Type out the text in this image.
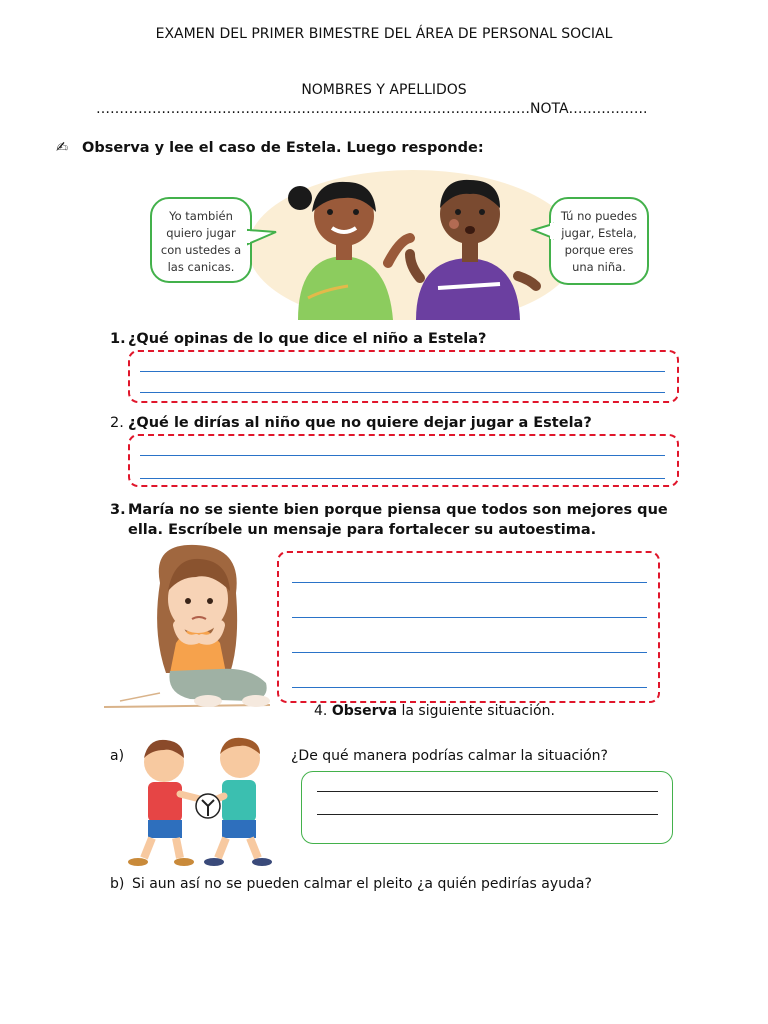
EXAMEN DEL PRIMER BIMESTRE DEL ÁREA DE PERSONAL SOCIAL
NOMBRES Y APELLIDOS
…………………………………………………………………………………NOTA……………..
✍ Observa y lee el caso de Estela. Luego responde:
Yo también
quiero jugar
con ustedes a
las canicas.
Tú no puedes
jugar, Estela,
porque eres
una niña.
1. ¿Qué opinas de lo que dice el niño a Estela?
2. ¿Qué le dirías al niño que no quiere dejar jugar a Estela?
3. María no se siente bien porque piensa que todos son mejores que
ella. Escríbele un mensaje para fortalecer su autoestima.
4. Observa la siguiente situación.
a)	¿De qué manera podrías calmar la situación?
b) Si aun así no se pueden calmar el pleito ¿a quién pedirías ayuda?
